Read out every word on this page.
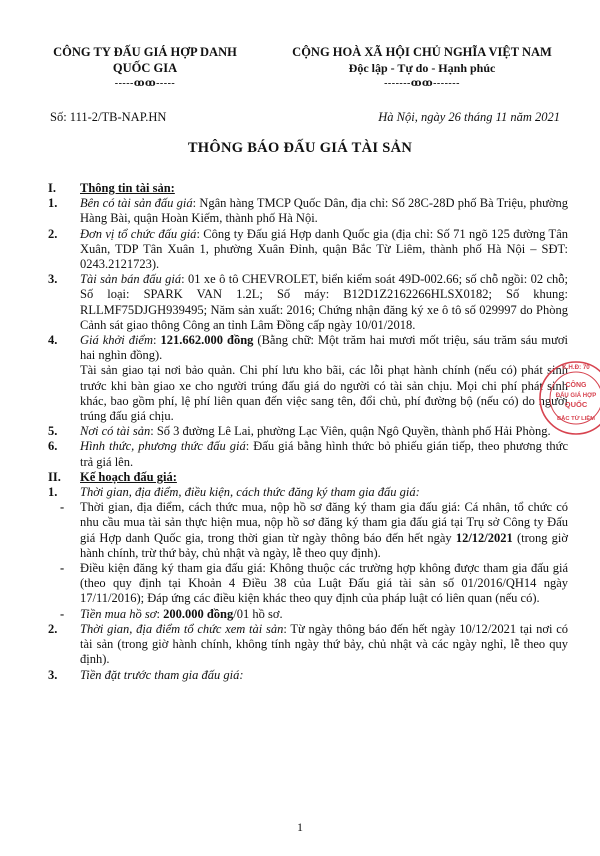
CÔNG TY ĐẤU GIÁ HỢP DANH
QUỐC GIA
-----ꝏꝏ-----
CỘNG HOÀ XÃ HỘI CHỦ NGHĨA VIỆT NAM
Độc lập - Tự do - Hạnh phúc
-------ꝏꝏ-------
Số: 111-2/TB-NAP.HN	Hà Nội, ngày 26 tháng 11 năm 2021
THÔNG BÁO ĐẤU GIÁ TÀI SẢN
I. Thông tin tài sản:
1. Bên có tài sản đấu giá: Ngân hàng TMCP Quốc Dân, địa chỉ: Số 28C-28D phố Bà Triệu, phường Hàng Bài, quận Hoàn Kiếm, thành phố Hà Nội.
2. Đơn vị tổ chức đấu giá: Công ty Đấu giá Hợp danh Quốc gia (địa chỉ: Số 71 ngõ 125 đường Tân Xuân, TDP Tân Xuân 1, phường Xuân Đỉnh, quận Bắc Từ Liêm, thành phố Hà Nội – SĐT: 0243.2121723).
3. Tài sản bán đấu giá: 01 xe ô tô CHEVROLET, biển kiểm soát 49D-002.66; số chỗ ngồi: 02 chỗ; Số loại: SPARK VAN 1.2L; Số máy: B12D1Z2162266HLSX0182; Số khung: RLLMF75DJGH939495; Năm sản xuất: 2016; Chứng nhận đăng ký xe ô tô số 029997 do Phòng Cảnh sát giao thông Công an tỉnh Lâm Đồng cấp ngày 10/01/2018.
4. Giá khởi điểm: 121.662.000 đồng (Bằng chữ: Một trăm hai mươi mốt triệu, sáu trăm sáu mươi hai nghìn đồng).
Tài sản giao tại nơi bảo quản. Chi phí lưu kho bãi, các lỗi phạt hành chính (nếu có) phát sinh trước khi bàn giao xe cho người trúng đấu giá do người có tài sản chịu. Mọi chi phí phát sinh khác, bao gồm phí, lệ phí liên quan đến việc sang tên, đổi chủ, phí đường bộ (nếu có) do người trúng đấu giá chịu.
5. Nơi có tài sản: Số 3 đường Lê Lai, phường Lạc Viên, quận Ngô Quyền, thành phố Hải Phòng.
6. Hình thức, phương thức đấu giá: Đấu giá bằng hình thức bỏ phiếu gián tiếp, theo phương thức trả giá lên.
II. Kế hoạch đấu giá:
1. Thời gian, địa điểm, điều kiện, cách thức đăng ký tham gia đấu giá:
- Thời gian, địa điểm, cách thức mua, nộp hồ sơ đăng ký tham gia đấu giá: Cá nhân, tổ chức có nhu cầu mua tài sản thực hiện mua, nộp hồ sơ đăng ký tham gia đấu giá tại Trụ sở Công ty Đấu giá Hợp danh Quốc gia, trong thời gian từ ngày thông báo đến hết ngày 12/12/2021 (trong giờ hành chính, trừ thứ bảy, chủ nhật và ngày, lễ theo quy định).
- Điều kiện đăng ký tham gia đấu giá: Không thuộc các trường hợp không được tham gia đấu giá (theo quy định tại Khoản 4 Điều 38 của Luật Đấu giá tài sản số 01/2016/QH14 ngày 17/11/2016); Đáp ứng các điều kiện khác theo quy định của pháp luật có liên quan (nếu có).
- Tiền mua hồ sơ: 200.000 đồng/01 hồ sơ.
2. Thời gian, địa điểm tổ chức xem tài sản: Từ ngày thông báo đến hết ngày 10/12/2021 tại nơi có tài sản (trong giờ hành chính, không tính ngày thứ bảy, chủ nhật và các ngày nghỉ, lễ theo quy định).
3. Tiền đặt trước tham gia đấu giá:
K.H.Đ: 70
CÔNG
ĐẤU GIÁ HỢP
QUỐC
BẮC TỪ LIÊM
1
